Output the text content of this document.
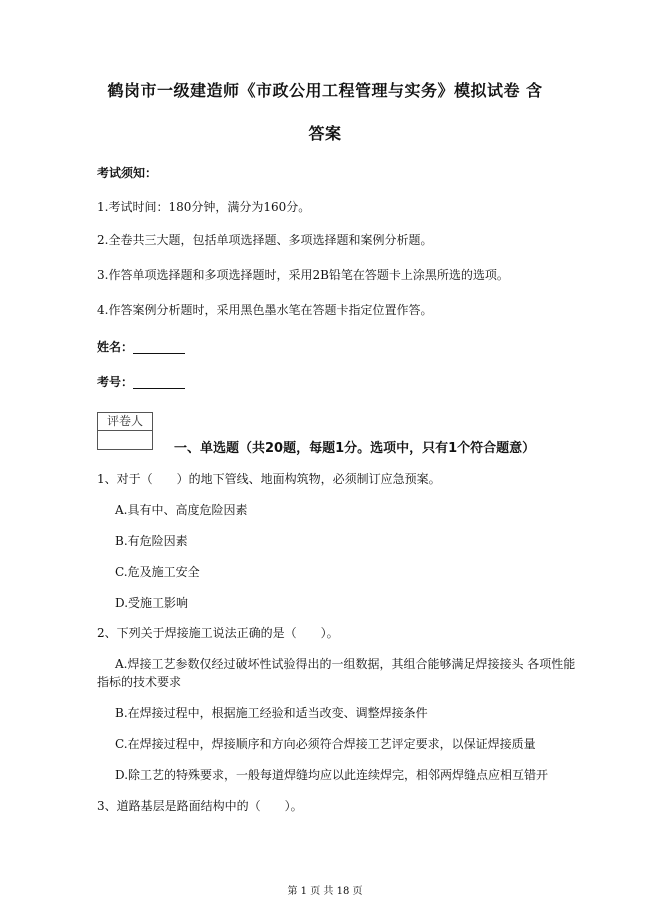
鹤岗市一级建造师《市政公用工程管理与实务》模拟试卷 含
答案
考试须知：
1.考试时间：180分钟，满分为160分。
2.全卷共三大题，包括单项选择题、多项选择题和案例分析题。
3.作答单项选择题和多项选择题时，采用2B铅笔在答题卡上涂黑所选的选项。
4.作答案例分析题时，采用黑色墨水笔在答题卡指定位置作答。
姓名：
考号：
评卷人
一、单选题（共20题，每题1分。选项中，只有1个符合题意）
1、对于（　　）的地下管线、地面构筑物，必须制订应急预案。
A.具有中、高度危险因素
B.有危险因素
C.危及施工安全
D.受施工影响
2、下列关于焊接施工说法正确的是（　　）。
A.焊接工艺参数仅经过破坏性试验得出的一组数据，其组合能够满足焊接接头 各项性能
指标的技术要求
B.在焊接过程中，根据施工经验和适当改变、调整焊接条件
C.在焊接过程中，焊接顺序和方向必须符合焊接工艺评定要求，以保证焊接质量
D.除工艺的特殊要求，一般每道焊缝均应以此连续焊完，相邻两焊缝点应相互错开
3、道路基层是路面结构中的（　　）。
第 1 页 共 18 页
